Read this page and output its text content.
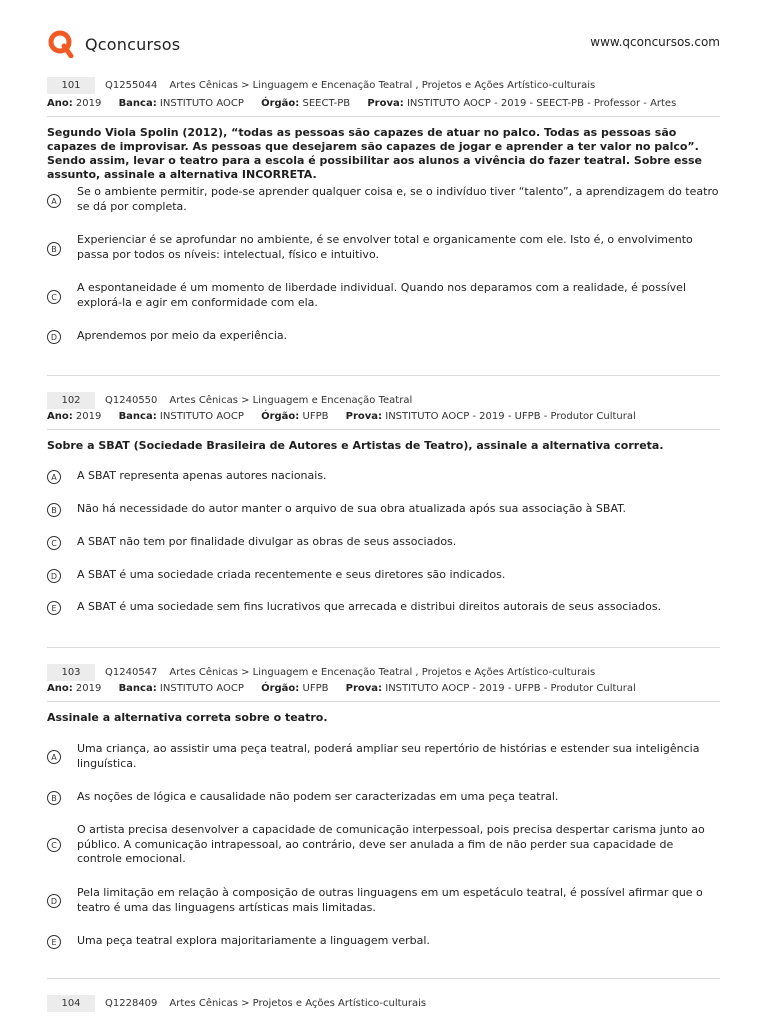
Qconcursos	www.qconcursos.com
101	Q1255044 Artes Cênicas > Linguagem e Encenação Teatral , Projetos e Ações Artístico-culturais
Ano: 2019 Banca: INSTITUTO AOCP Órgão: SEECT-PB Prova: INSTITUTO AOCP - 2019 - SEECT-PB - Professor - Artes
Segundo Viola Spolin (2012), “todas as pessoas são capazes de atuar no palco. Todas as pessoas são capazes de improvisar. As pessoas que desejarem são capazes de jogar e aprender a ter valor no palco”. Sendo assim, levar o teatro para a escola é possibilitar aos alunos a vivência do fazer teatral. Sobre esse assunto, assinale a alternativa INCORRETA.
A
Se o ambiente permitir, pode-se aprender qualquer coisa e, se o indivíduo tiver “talento”, a aprendizagem do teatro se dá por completa.
B
Experienciar é se aprofundar no ambiente, é se envolver total e organicamente com ele. Isto é, o envolvimento passa por todos os níveis: intelectual, físico e intuitivo.
C
A espontaneidade é um momento de liberdade individual. Quando nos deparamos com a realidade, é possível explorá-la e agir em conformidade com ela.
D	Aprendemos por meio da experiência.
102	Q1240550 Artes Cênicas > Linguagem e Encenação Teatral
Ano: 2019 Banca: INSTITUTO AOCP Órgão: UFPB Prova: INSTITUTO AOCP - 2019 - UFPB - Produtor Cultural
Sobre a SBAT (Sociedade Brasileira de Autores e Artistas de Teatro), assinale a alternativa correta.
A	A SBAT representa apenas autores nacionais.
B	Não há necessidade do autor manter o arquivo de sua obra atualizada após sua associação à SBAT.
C	A SBAT não tem por finalidade divulgar as obras de seus associados.
D	A SBAT é uma sociedade criada recentemente e seus diretores são indicados.
E	A SBAT é uma sociedade sem fins lucrativos que arrecada e distribui direitos autorais de seus associados.
103	Q1240547 Artes Cênicas > Linguagem e Encenação Teatral , Projetos e Ações Artístico-culturais
Ano: 2019 Banca: INSTITUTO AOCP Órgão: UFPB Prova: INSTITUTO AOCP - 2019 - UFPB - Produtor Cultural
Assinale a alternativa correta sobre o teatro.
A
Uma criança, ao assistir uma peça teatral, poderá ampliar seu repertório de histórias e estender sua inteligência linguística.
B	As noções de lógica e causalidade não podem ser caracterizadas em uma peça teatral.
C
O artista precisa desenvolver a capacidade de comunicação interpessoal, pois precisa despertar carisma junto ao público. A comunicação intrapessoal, ao contrário, deve ser anulada a fim de não perder sua capacidade de controle emocional.
D
Pela limitação em relação à composição de outras linguagens em um espetáculo teatral, é possível afirmar que o teatro é uma das linguagens artísticas mais limitadas.
E	Uma peça teatral explora majoritariamente a linguagem verbal.
104	Q1228409 Artes Cênicas > Projetos e Ações Artístico-culturais
